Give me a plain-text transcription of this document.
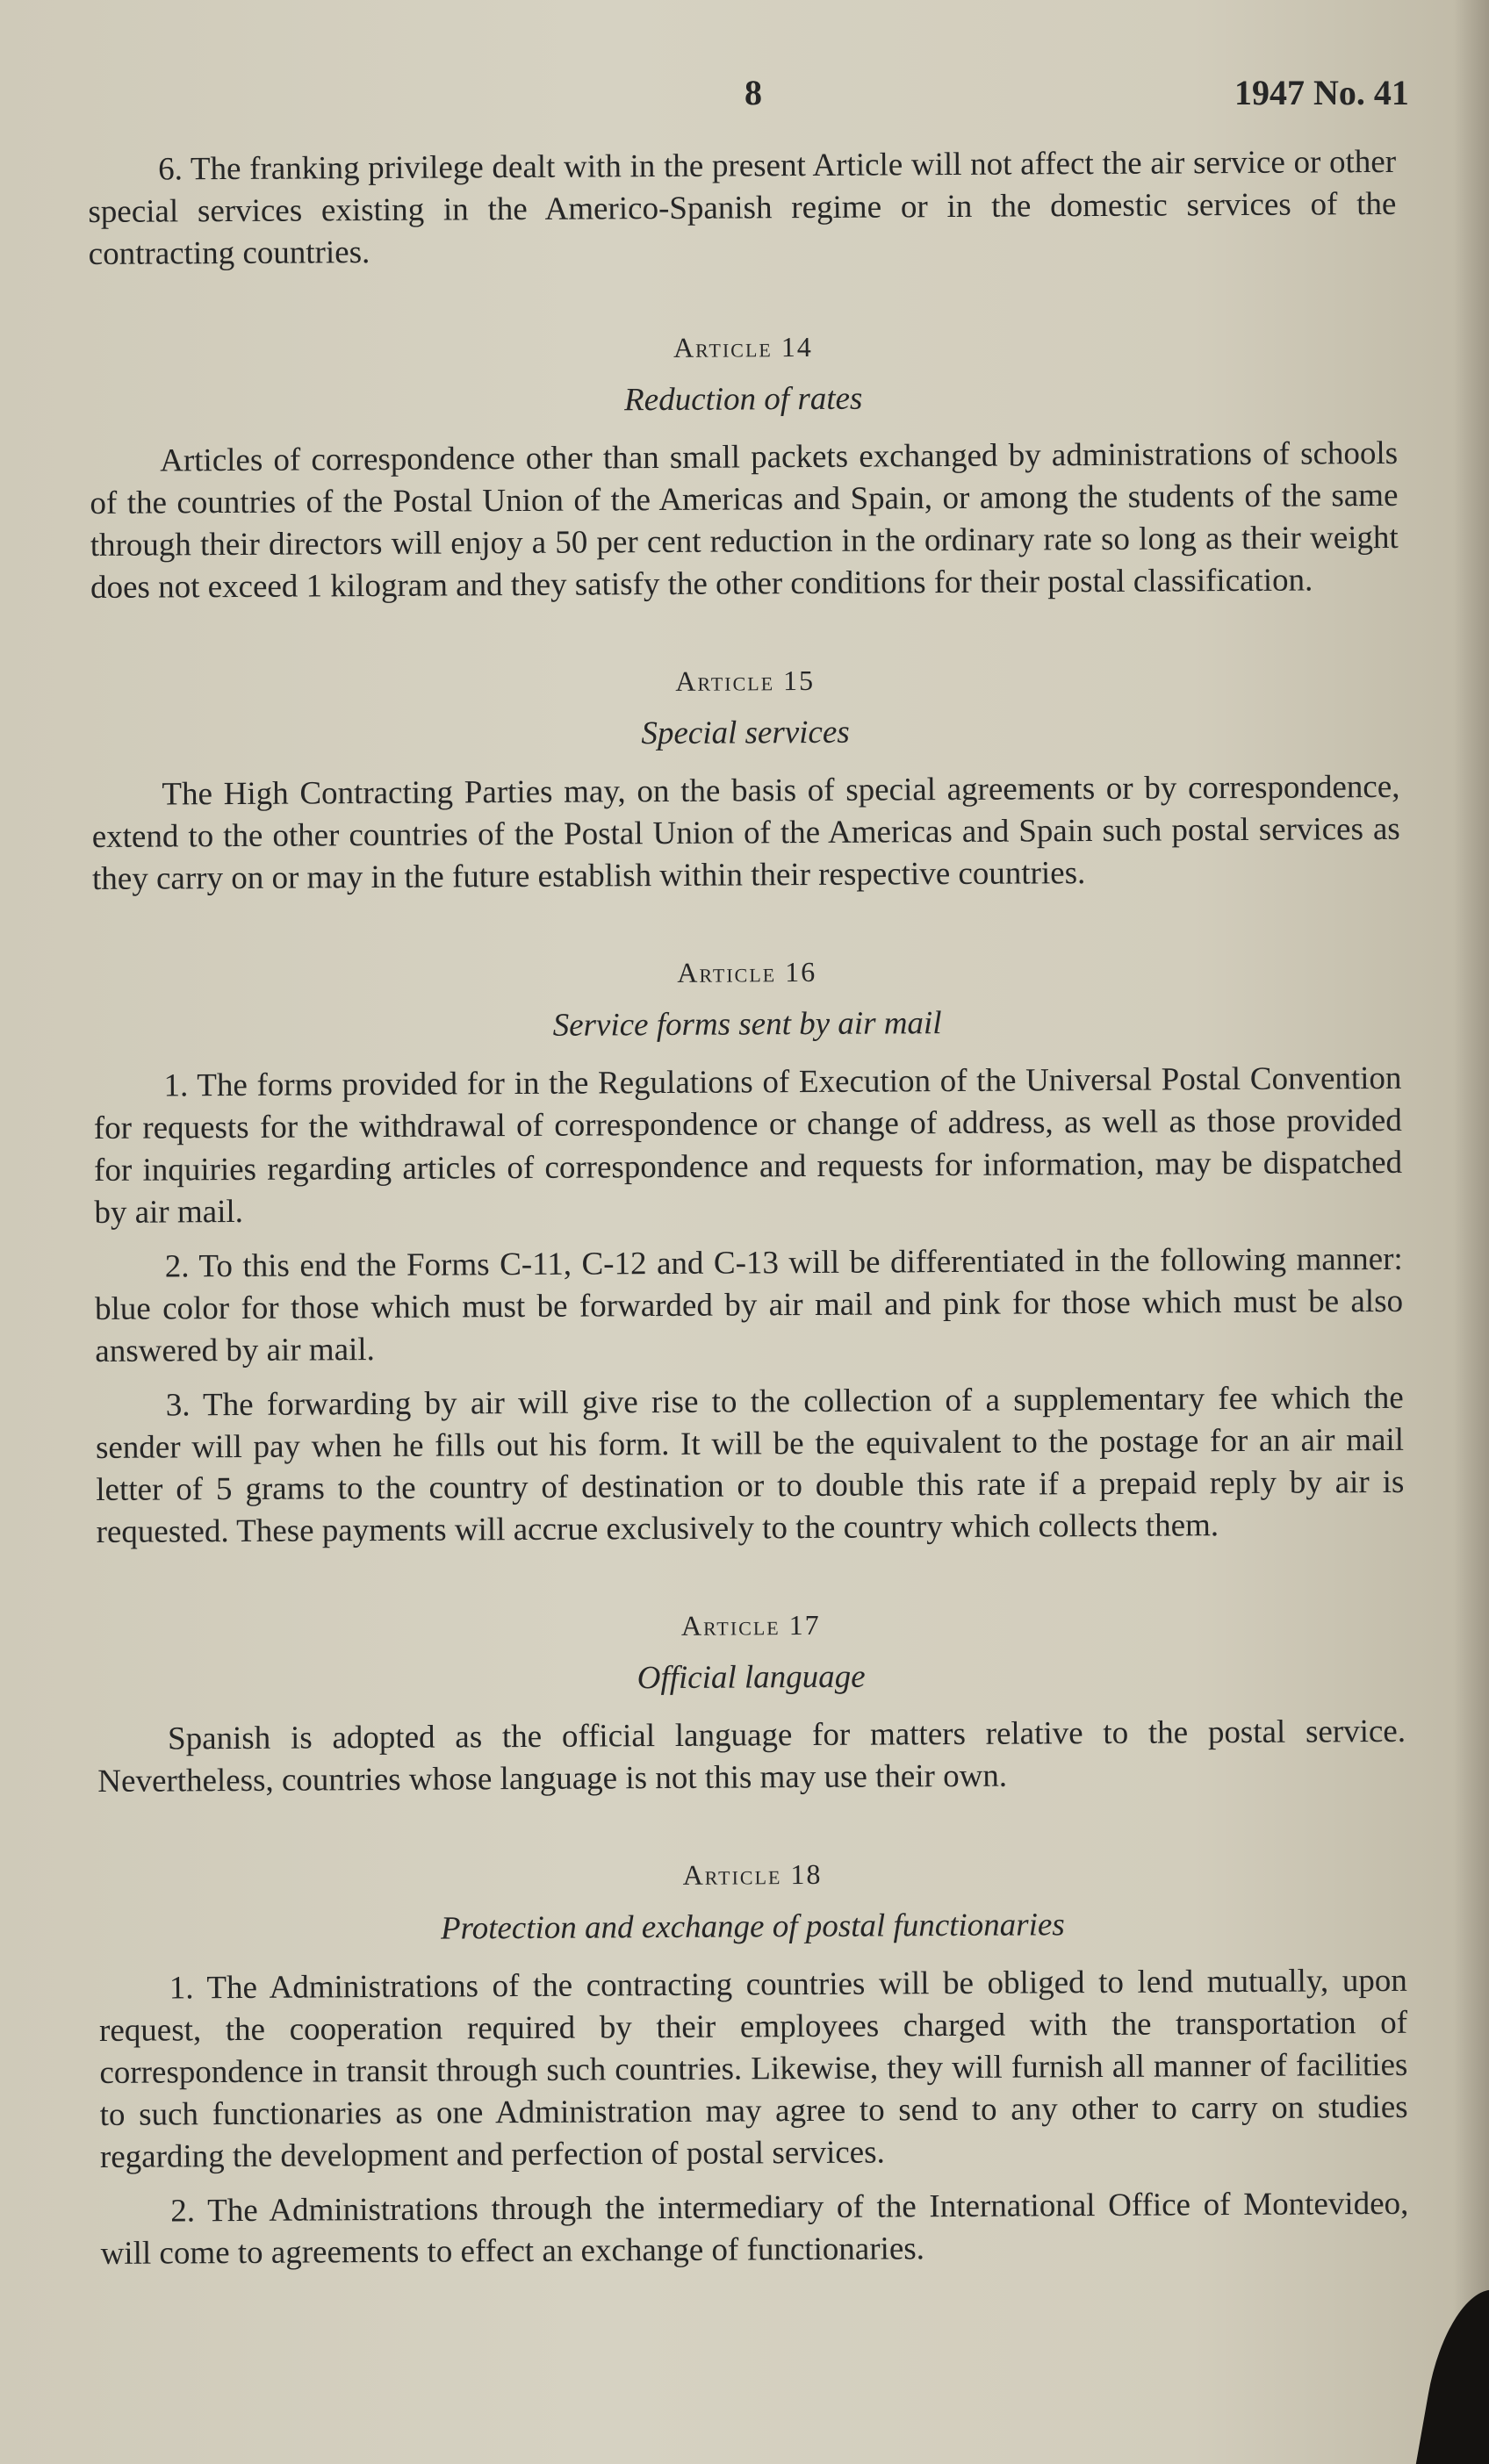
8	1947 No. 41

6. The franking privilege dealt with in the present Article will not affect the air service or other special services existing in the Americo-Spanish regime or in the domestic services of the contracting countries.

Article 14
Reduction of rates

Articles of correspondence other than small packets exchanged by administrations of schools of the countries of the Postal Union of the Americas and Spain, or among the students of the same through their directors will enjoy a 50 per cent reduction in the ordinary rate so long as their weight does not exceed 1 kilogram and they satisfy the other conditions for their postal classification.

Article 15
Special services

The High Contracting Parties may, on the basis of special agreements or by correspondence, extend to the other countries of the Postal Union of the Americas and Spain such postal services as they carry on or may in the future establish within their respective countries.

Article 16
Service forms sent by air mail

1. The forms provided for in the Regulations of Execution of the Universal Postal Convention for requests for the withdrawal of correspondence or change of address, as well as those provided for inquiries regarding articles of correspondence and requests for information, may be dispatched by air mail.

2. To this end the Forms C-11, C-12 and C-13 will be differentiated in the following manner: blue color for those which must be forwarded by air mail and pink for those which must be also answered by air mail.

3. The forwarding by air will give rise to the collection of a supplementary fee which the sender will pay when he fills out his form. It will be the equivalent to the postage for an air mail letter of 5 grams to the country of destination or to double this rate if a prepaid reply by air is requested. These payments will accrue exclusively to the country which collects them.

Article 17
Official language

Spanish is adopted as the official language for matters relative to the postal service. Nevertheless, countries whose language is not this may use their own.

Article 18
Protection and exchange of postal functionaries

1. The Administrations of the contracting countries will be obliged to lend mutually, upon request, the cooperation required by their employees charged with the transportation of correspondence in transit through such countries. Likewise, they will furnish all manner of facilities to such functionaries as one Administration may agree to send to any other to carry on studies regarding the development and perfection of postal services.

2. The Administrations through the intermediary of the International Office of Montevideo, will come to agreements to effect an exchange of functionaries.
